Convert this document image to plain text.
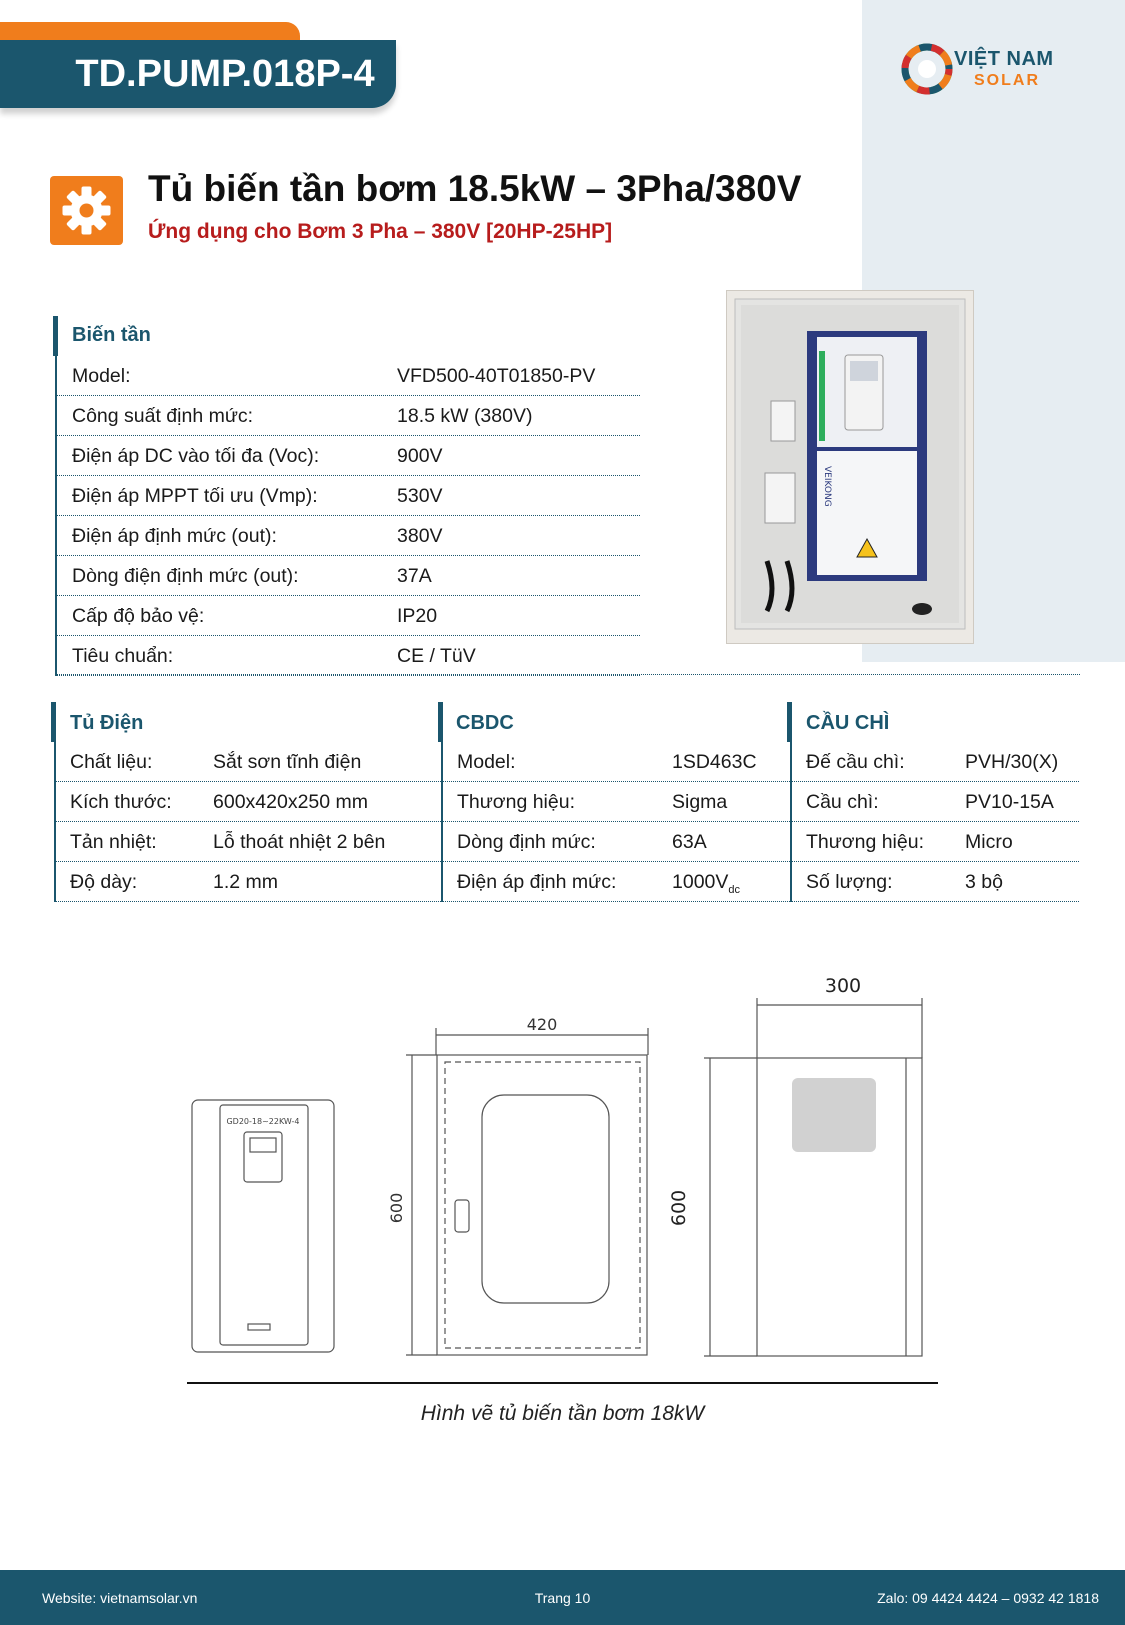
TD.PUMP.018P-4	VIỆT NAM
SOLAR
Tủ biến tần bơm 18.5kW – 3Pha/380V
Ứng dụng cho Bơm 3 Pha – 380V [20HP-25HP]
Biến tần
Model:	VFD500-40T01850-PV
Công suất định mức:	18.5 kW (380V)
Điện áp DC vào tối đa (Voc):	900V
Điện áp MPPT tối ưu (Vmp):	530V
Điện áp định mức (out):	380V
Dòng điện định mức (out):	37A
Cấp độ bảo vệ:	IP20
Tiêu chuẩn:	CE / TüV
VEIKONG
Tủ Điện
Chất liệu:	Sắt sơn tĩnh điện
Kích thước: 600x420x250 mm
Tản nhiệt:	Lỗ thoát nhiệt 2 bên
Độ dày:	1.2 mm
CBDC
Model:	1SD463C
Thương hiệu:	Sigma
Dòng định mức:	63A
Điện áp định mức:	$1000V_{dc}$
CẦU CHÌ
Đế cầu chì:	PVH/30(X)
Cầu chì:	PV10-15A
Thương hiệu: Micro
Số lượng:	3 bộ
GD20-18~22KW-4
420
600
300
600
Hình vẽ tủ biến tần bơm 18kW
Website: vietnamsolar.vn	Trang 10	Zalo: 09 4424 4424 – 0932 42 1818
